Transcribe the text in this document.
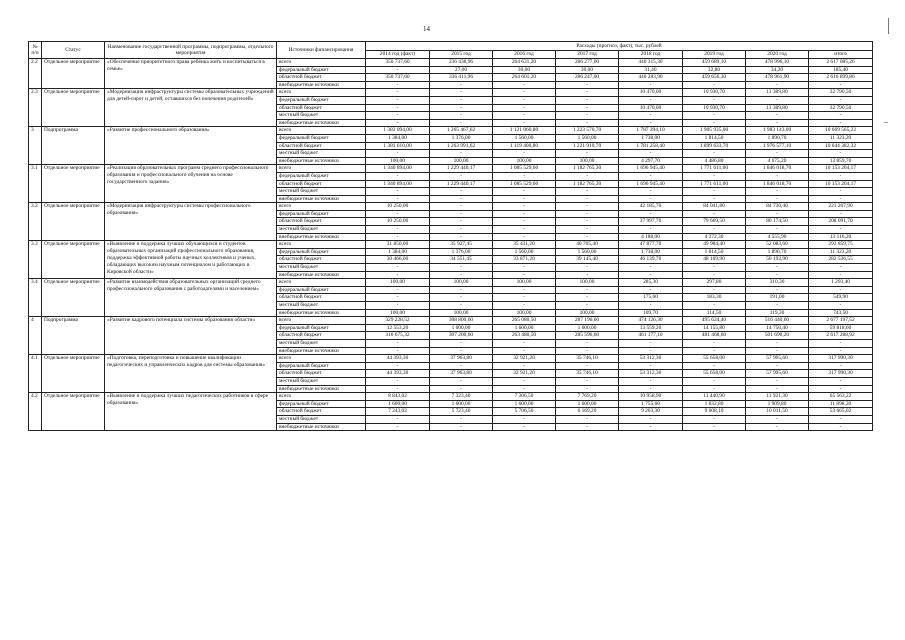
14
№ п/п	Статус	Наименование государственной программы, подпрограммы, отдельного мероприятия	Источники финансирования	Расходы (прогноз, факт), тыс. рублей							
				2014 год (факт)	2015 год	2016 год	2017 год	2018 год	2019 год	2020 год	итого
2.2	Отдельное мероприятие	«Обеспечение приоритетного права ребёнка жить и воспитываться в семье»	всего	350 737,60	336 438,96	264 631,20	286 277,00	440 315,30	459 689,10	478 996,10	2 617 085,26
			федеральный бюджет	-	27,00	30,00	30,00	31,40	32,80	34,20	185,40
			областной бюджет	350 737,60	336 411,96	264 601,20	286 247,00	440 283,90	459 656,30	478 961,90	2 616 899,86
			внебюджетные источники	-	-	-	-	-	-	-	-
2.3	Отдельное мероприятие	«Модернизация инфраструктуры системы образовательных учреждений для детей-сирот и детей, оставшихся без попечения родителей»	всего	-	-	-	-	10 470,00	10 930,70	11 389,80	32 790,50
			федеральный бюджет	-	-	-	-	-	-	-	-
			областной бюджет	-	-	-	-	10 470,00	10 930,70	11 389,80	32 790,50
			местный бюджет	-	-	-	-	-	-	-	-
			внебюджетные источники	-	-	-	-	-	-	-	-
3	Подпрограмма	«Развитие профессионального образования»	всего	1 383 094,00	1 265 467,62	1 121 060,80	1 223 570,70	1 787 294,10	1 905 935,00	1 983 143,00	10 669 565,22
			федеральный бюджет	1 384,00	1 376,00	1 560,00	1 560,00	1 738,00	1 814,50	1 890,70	11 323,20
			областной бюджет	1 381 610,00	1 263 991,62	1 119 400,80	1 221 910,70	1 781 258,40	1 899 633,70	1 976 577,10	10 644 382,32
			местный бюджет	-	-	-	-	-	-	-	-
			внебюджетные источники	100,00	100,00	100,00	100,00	4 297,70	4 486,80	4 675,20	13 859,70
3.1	Отдельное мероприятие	«Реализация образовательных программ среднего профессионального образования и профессионального обучения на основе государственного задания»	всего	1 340 894,00	1 229 440,17	1 085 529,60	1 182 765,30	1 696 945,40	1 771 611,00	1 846 018,70	10 153 204,17
			федеральный бюджет	-	-	-	-	-	-	-	-
			областной бюджет	1 340 894,00	1 229 440,17	1 085 529,60	1 182 765,30	1 696 945,40	1 771 611,00	1 846 018,70	10 153 204,17
			местный бюджет	-	-	-	-	-	-	-	-
			внебюджетные источники	-	-	-	-	-	-	-	-
3.2	Отдельное мероприятие	«Модернизация инфраструктуры системы профессионального образования»	всего	10 250,00	-	-	-	42 185,70	84 041,80	84 730,40	221 207,90
			федеральный бюджет	-	-	-	-	-	-	-	-
			областной бюджет	10 250,00	-	-	-	37 997,70	79 669,50	80 174,50	208 091,70
			местный бюджет	-	-	-	-	-	-	-	-
			внебюджетные источники	-	-	-	-	4 188,00	4 372,30	4 555,90	13 116,20
3.3	Отдельное мероприятие	«Выявление и поддержка лучших обучающихся и студентов образовательных организаций профессионального образования, поддержка эффективной работы научных коллективов и ученых, обладающих высоким научным потенциалом и работающих в Кировской области»	всего	31 850,00	35 927,45	35 431,20	40 705,40	47 877,70	49 984,40	52 083,60	293 859,75
			федеральный бюджет	1 384,00	1 376,00	1 560,00	1 560,00	1 738,00	1 814,50	1 890,70	11 323,20
			областной бюджет	30 466,00	34 551,45	33 871,20	39 145,40	46 139,70	48 169,90	50 192,90	282 536,55
			местный бюджет	-	-	-	-	-	-	-	-
			внебюджетные источники	-	-	-	-	-	-	-	-
3.4	Отдельное мероприятие	«Развитие взаимодействия образовательных организаций среднего профессионального образования с работодателями и населением»	всего	100,00	100,00	100,00	100,00	285,30	297,80	310,30	1 293,40
			федеральный бюджет	-	-	-	-	-	-	-	-
			областной бюджет	-	-	-	-	175,60	183,30	191,00	549,90
			местный бюджет	-	-	-	-	-	-	-	-
			внебюджетные источники	100,00	100,00	100,00	100,00	109,70	114,50	119,30	743,50
4	Подпрограмма	«Развитие кадрового потенциала системы образования области»	всего	329 228,52	308 800,60	265 080,50	287 196,60	474 126,30	495 624,40	516 440,60	2 677 197,52
			федеральный бюджет	12 553,20	1 600,00	1 600,00	1 600,00	13 559,20	14 155,80	14 750,40	59 818,60
			областной бюджет	316 675,32	307 200,60	263 480,50	285 596,60	461 177,10	481 468,60	501 690,20	2 617 288,92
			местный бюджет	-	-	-	-	-	-	-	-
			внебюджетные источники	-	-	-	-	-	-	-	-
4.1	Отдельное мероприятие	«Подготовка, переподготовка и повышение квалификации педагогических и управленческих кадров для системы образования»	всего	44 393,30	37 963,80	32 921,20	35 746,10	53 312,30	55 658,00	57 995,60	317 990,30
			федеральный бюджет	-	-	-	-	-	-	-	-
			областной бюджет	44 393,30	37 963,80	32 921,20	35 746,10	53 312,30	55 658,00	57 995,60	317 990,30
			местный бюджет	-	-	-	-	-	-	-	-
			внебюджетные источники	-	-	-	-	-	-	-	-
4.2	Отдельное мероприятие	«Выявление и поддержка лучших педагогических работников в сфере образования»	всего	8 843,02	7 323,40	7 306,50	7 769,20	10 958,90	11 440,90	11 921,30	65 563,22
			федеральный бюджет	1 600,00	1 600,00	1 600,00	1 600,00	1 755,60	1 832,80	1 909,80	11 898,20
			областной бюджет	7 243,02	5 723,40	5 706,50	6 169,20	9 203,30	9 608,10	10 011,50	53 665,02
			местный бюджет	-	-	-	-	-	-	-	-
			внебюджетные источники	-	-	-	-	-	-	-	-
